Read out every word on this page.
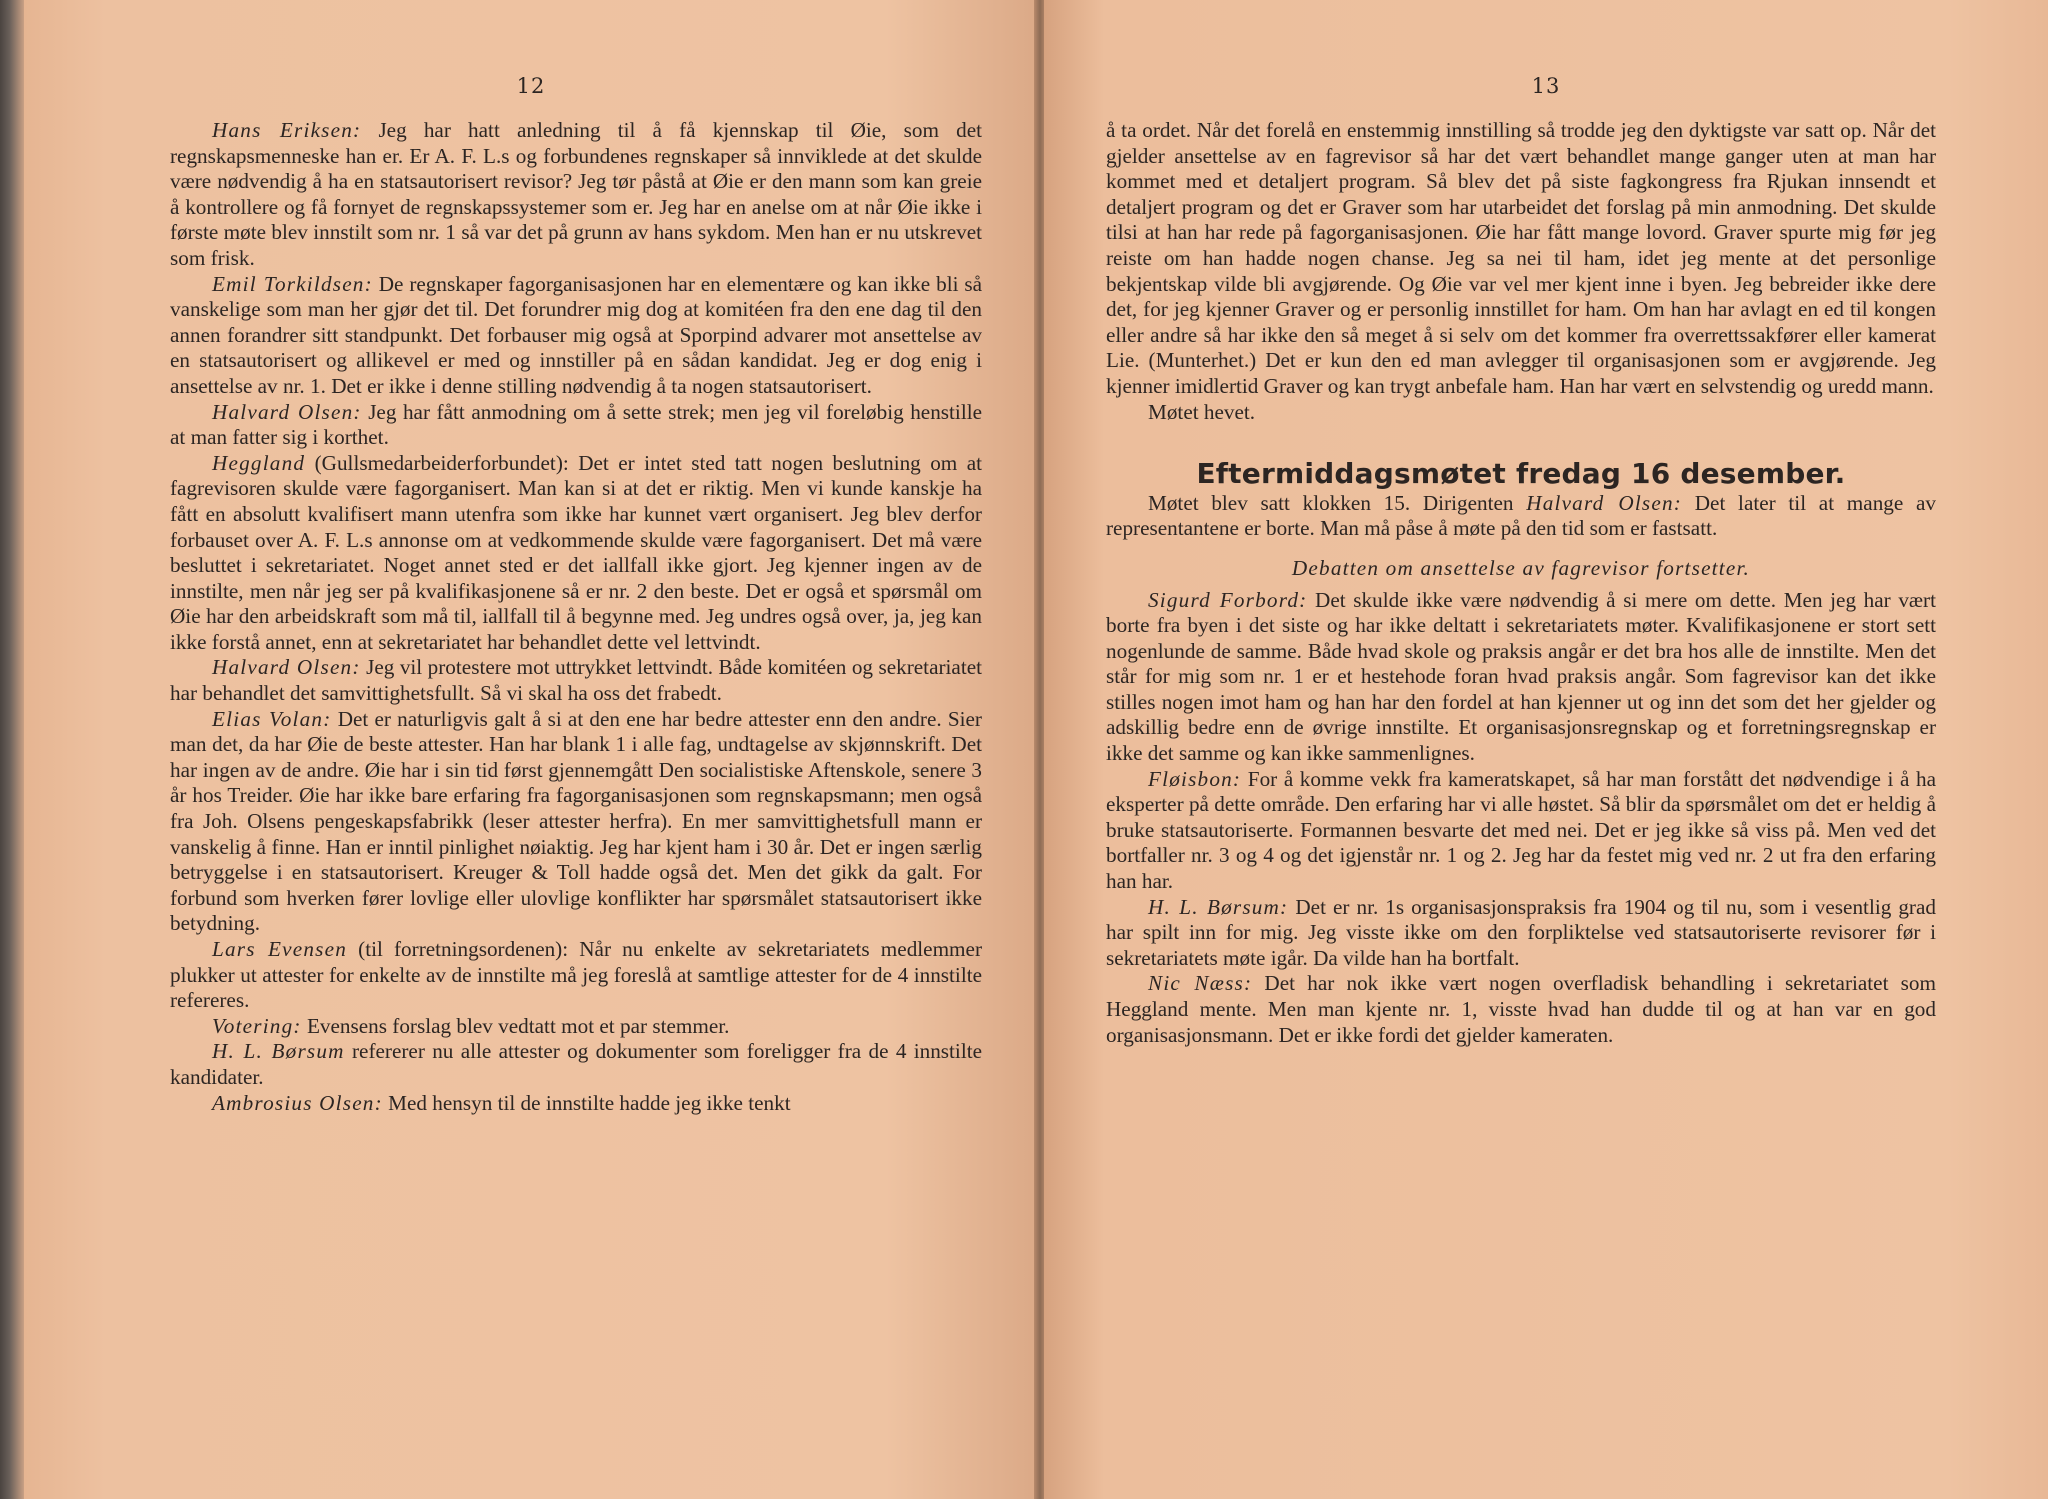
12

Hans Eriksen: Jeg har hatt anledning til å få kjennskap til Øie, som det regnskapsmenneske han er. Er A. F. L.s og forbundenes regnskaper så innviklede at det skulde være nødvendig å ha en statsautorisert revisor? Jeg tør påstå at Øie er den mann som kan greie å kontrollere og få fornyet de regnskapssystemer som er. Jeg har en anelse om at når Øie ikke i første møte blev innstilt som nr. 1 så var det på grunn av hans sykdom. Men han er nu utskrevet som frisk.

Emil Torkildsen: De regnskaper fagorganisasjonen har en elementære og kan ikke bli så vanskelige som man her gjør det til. Det forundrer mig dog at komitéen fra den ene dag til den annen forandrer sitt standpunkt. Det forbauser mig også at Sporpind advarer mot ansettelse av en statsautorisert og allikevel er med og innstiller på en sådan kandidat. Jeg er dog enig i ansettelse av nr. 1. Det er ikke i denne stilling nødvendig å ta nogen statsautorisert.

Halvard Olsen: Jeg har fått anmodning om å sette strek; men jeg vil foreløbig henstille at man fatter sig i korthet.

Heggland (Gullsmedarbeiderforbundet): Det er intet sted tatt nogen beslutning om at fagrevisoren skulde være fagorganisert. Man kan si at det er riktig. Men vi kunde kanskje ha fått en absolutt kvalifisert mann utenfra som ikke har kunnet vært organisert. Jeg blev derfor forbauset over A. F. L.s annonse om at vedkommende skulde være fagorganisert. Det må være besluttet i sekretariatet. Noget annet sted er det iallfall ikke gjort. Jeg kjenner ingen av de innstilte, men når jeg ser på kvalifikasjonene så er nr. 2 den beste. Det er også et spørsmål om Øie har den arbeidskraft som må til, iallfall til å begynne med. Jeg undres også over, ja, jeg kan ikke forstå annet, enn at sekretariatet har behandlet dette vel lettvindt.

Halvard Olsen: Jeg vil protestere mot uttrykket lettvindt. Både komitéen og sekretariatet har behandlet det samvittighetsfullt. Så vi skal ha oss det frabedt.

Elias Volan: Det er naturligvis galt å si at den ene har bedre attester enn den andre. Sier man det, da har Øie de beste attester. Han har blank 1 i alle fag, undtagelse av skjønnskrift. Det har ingen av de andre. Øie har i sin tid først gjennemgått Den socialistiske Aftenskole, senere 3 år hos Treider. Øie har ikke bare erfaring fra fagorganisasjonen som regnskapsmann; men også fra Joh. Olsens pengeskapsfabrikk (leser attester herfra). En mer samvittighetsfull mann er vanskelig å finne. Han er inntil pinlighet nøiaktig. Jeg har kjent ham i 30 år. Det er ingen særlig betryggelse i en statsautorisert. Kreuger & Toll hadde også det. Men det gikk da galt. For forbund som hverken fører lovlige eller ulovlige konflikter har spørsmålet statsautorisert ikke betydning.

Lars Evensen (til forretningsordenen): Når nu enkelte av sekretariatets medlemmer plukker ut attester for enkelte av de innstilte må jeg foreslå at samtlige attester for de 4 innstilte refereres.

Votering: Evensens forslag blev vedtatt mot et par stemmer.

H. L. Børsum refererer nu alle attester og dokumenter som foreligger fra de 4 innstilte kandidater.

Ambrosius Olsen: Med hensyn til de innstilte hadde jeg ikke tenkt

13

å ta ordet. Når det forelå en enstemmig innstilling så trodde jeg den dyktigste var satt op. Når det gjelder ansettelse av en fagrevisor så har det vært behandlet mange ganger uten at man har kommet med et detaljert program. Så blev det på siste fagkongress fra Rjukan innsendt et detaljert program og det er Graver som har utarbeidet det forslag på min anmodning. Det skulde tilsi at han har rede på fagorganisasjonen. Øie har fått mange lovord. Graver spurte mig før jeg reiste om han hadde nogen chanse. Jeg sa nei til ham, idet jeg mente at det personlige bekjentskap vilde bli avgjørende. Og Øie var vel mer kjent inne i byen. Jeg bebreider ikke dere det, for jeg kjenner Graver og er personlig innstillet for ham. Om han har avlagt en ed til kongen eller andre så har ikke den så meget å si selv om det kommer fra overrettssakfører eller kamerat Lie. (Munterhet.) Det er kun den ed man avlegger til organisasjonen som er avgjørende. Jeg kjenner imidlertid Graver og kan trygt anbefale ham. Han har vært en selvstendig og uredd mann.

Møtet hevet.

Eftermiddagsmøtet fredag 16 desember.

Møtet blev satt klokken 15. Dirigenten Halvard Olsen: Det later til at mange av representantene er borte. Man må påse å møte på den tid som er fastsatt.

Debatten om ansettelse av fagrevisor fortsetter.

Sigurd Forbord: Det skulde ikke være nødvendig å si mere om dette. Men jeg har vært borte fra byen i det siste og har ikke deltatt i sekretariatets møter. Kvalifikasjonene er stort sett nogenlunde de samme. Både hvad skole og praksis angår er det bra hos alle de innstilte. Men det står for mig som nr. 1 er et hestehode foran hvad praksis angår. Som fagrevisor kan det ikke stilles nogen imot ham og han har den fordel at han kjenner ut og inn det som det her gjelder og adskillig bedre enn de øvrige innstilte. Et organisasjonsregnskap og et forretningsregnskap er ikke det samme og kan ikke sammenlignes.

Fløisbon: For å komme vekk fra kameratskapet, så har man forstått det nødvendige i å ha eksperter på dette område. Den erfaring har vi alle høstet. Så blir da spørsmålet om det er heldig å bruke statsautoriserte. Formannen besvarte det med nei. Det er jeg ikke så viss på. Men ved det bortfaller nr. 3 og 4 og det igjenstår nr. 1 og 2. Jeg har da festet mig ved nr. 2 ut fra den erfaring han har.

H. L. Børsum: Det er nr. 1s organisasjonspraksis fra 1904 og til nu, som i vesentlig grad har spilt inn for mig. Jeg visste ikke om den forpliktelse ved statsautoriserte revisorer før i sekretariatets møte igår. Da vilde han ha bortfalt.

Nic Næss: Det har nok ikke vært nogen overfladisk behandling i sekretariatet som Heggland mente. Men man kjente nr. 1, visste hvad han dudde til og at han var en god organisasjonsmann. Det er ikke fordi det gjelder kameraten.
